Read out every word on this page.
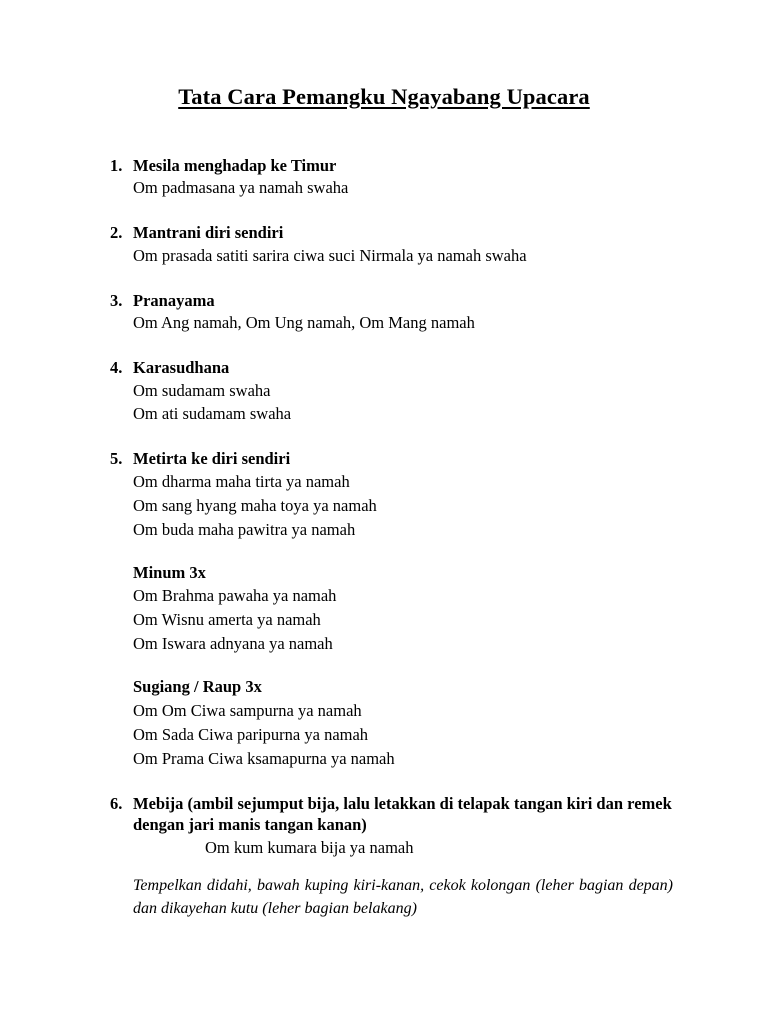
Tata Cara Pemangku Ngayabang Upacara
1. Mesila menghadap ke Timur
Om padmasana ya namah swaha
2. Mantrani diri sendiri
Om prasada satiti sarira ciwa suci Nirmala ya namah swaha
3. Pranayama
Om Ang namah, Om Ung namah, Om Mang namah
4. Karasudhana
Om sudamam swaha
Om ati sudamam swaha
5. Metirta ke diri sendiri
Om dharma maha tirta ya namah
Om sang hyang maha toya ya namah
Om buda maha pawitra ya namah
Minum 3x
Om Brahma pawaha ya namah
Om Wisnu amerta ya namah
Om Iswara adnyana ya namah
Sugiang / Raup 3x
Om Om Ciwa sampurna ya namah
Om Sada Ciwa paripurna ya namah
Om Prama Ciwa ksamapurna ya namah
6. Mebija (ambil sejumput bija, lalu letakkan di telapak tangan kiri dan remek dengan jari manis tangan kanan)
Om kum kumara bija ya namah
Tempelkan didahi, bawah kuping kiri-kanan, cekok kolongan (leher bagian depan) dan dikayehan kutu (leher bagian belakang)
